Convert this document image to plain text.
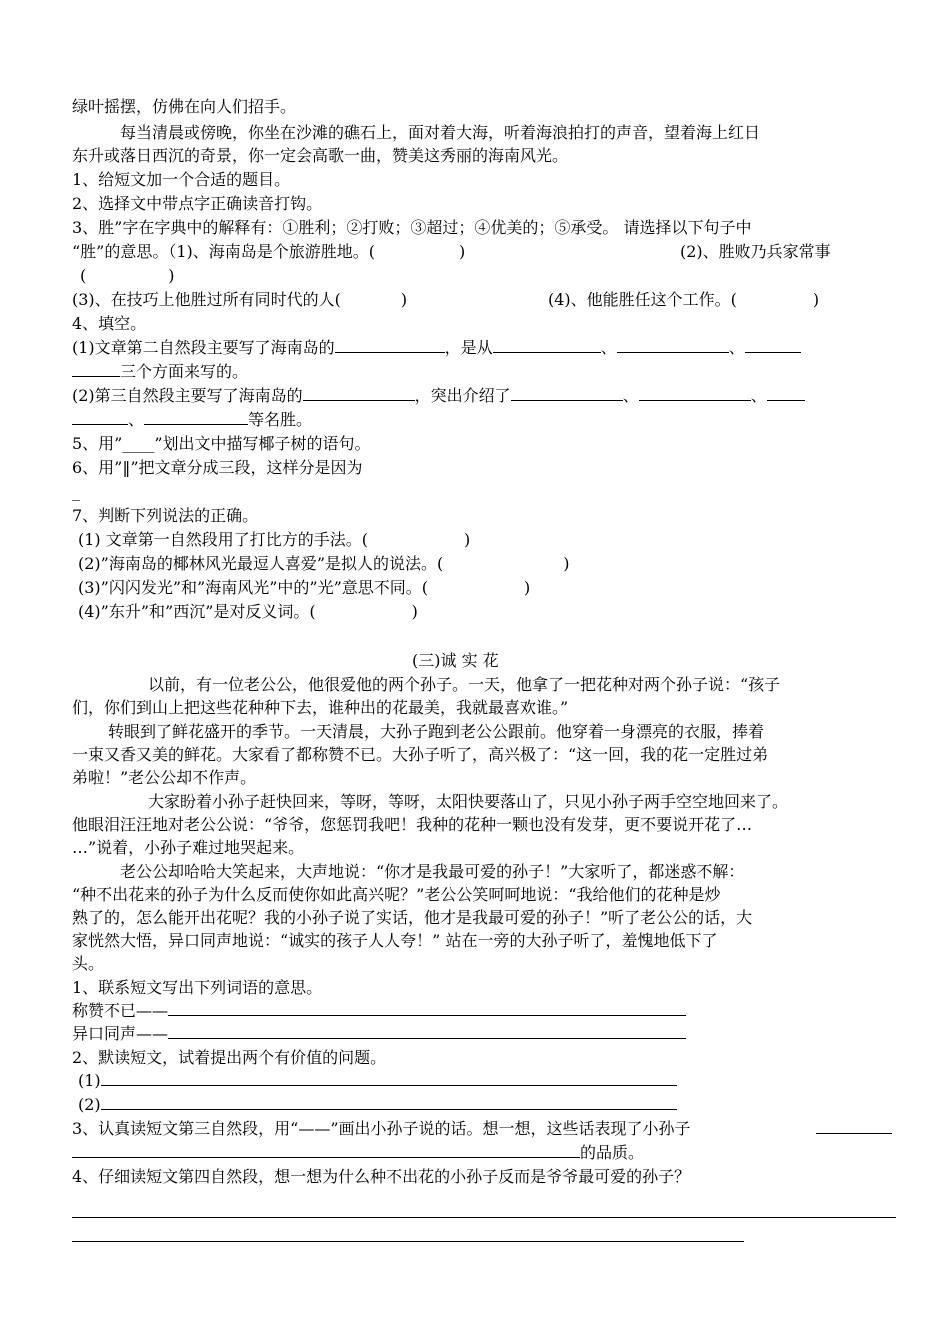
绿叶摇摆，仿佛在向人们招手。
每当清晨或傍晚，你坐在沙滩的礁石上，面对着大海，听着海浪拍打的声音，望着海上红日
东升或落日西沉的奇景，你一定会高歌一曲，赞美这秀丽的海南风光。
1、给短文加一个合适的题目。
2、选择文中带点字正确读音打钩。
3、胜”字在字典中的解释有：①胜利；②打败；③超过；④优美的；⑤承受。 请选择以下句子中
“胜”的意思。（1)、海南岛是个旅游胜地。(	)	(2)、胜败乃兵家常事
(	)
(3)、在技巧上他胜过所有同时代的人(	)	(4)、他能胜任这个工作。(	)
4、填空。
(1)文章第二自然段主要写了海南岛的	，是从	、	、
三个方面来写的。
(2)第三自然段主要写了海南岛的	，突出介绍了	、	、
、	等名胜。
5、用”____”划出文中描写椰子树的语句。
6、用”‖”把文章分成三段，这样分是因为
_
7、判断下列说法的正确。
(1) 文章第一自然段用了打比方的手法。(	)
(2)”海南岛的椰林风光最逗人喜爱”是拟人的说法。(	)
(3)”闪闪发光”和”海南风光”中的”光”意思不同。(	)
(4)”东升”和”西沉”是对反义词。(	)
(三)诚 实 花
以前，有一位老公公，他很爱他的两个孙子。一天，他拿了一把花种对两个孙子说：“孩子
们，你们到山上把这些花种种下去，谁种出的花最美，我就最喜欢谁。”
转眼到了鲜花盛开的季节。一天清晨，大孙子跑到老公公跟前。他穿着一身漂亮的衣服，捧着
一束又香又美的鲜花。大家看了都称赞不已。大孙子听了，高兴极了：“这一回，我的花一定胜过弟
弟啦！”老公公却不作声。
大家盼着小孙子赶快回来，等呀，等呀，太阳快要落山了，只见小孙子两手空空地回来了。
他眼泪汪汪地对老公公说：“爷爷，您惩罚我吧！我种的花种一颗也没有发芽，更不要说开花了…
…”说着，小孙子难过地哭起来。
老公公却哈哈大笑起来，大声地说：“你才是我最可爱的孙子！”大家听了，都迷惑不解：
“种不出花来的孙子为什么反而使你如此高兴呢？”老公公笑呵呵地说：“我给他们的花种是炒
熟了的，怎么能开出花呢？我的小孙子说了实话，他才是我最可爱的孙子！”听了老公公的话，大
家恍然大悟，异口同声地说：“诚实的孩子人人夸！” 站在一旁的大孙子听了，羞愧地低下了
头。
1、联系短文写出下列词语的意思。
称赞不已——
异口同声——
2、默读短文，试着提出两个有价值的问题。
(1)
(2)
3、认真读短文第三自然段，用“——”画出小孙子说的话。想一想，这些话表现了小孙子
的品质。
4、仔细读短文第四自然段，想一想为什么种不出花的小孙子反而是爷爷最可爱的孙子？
